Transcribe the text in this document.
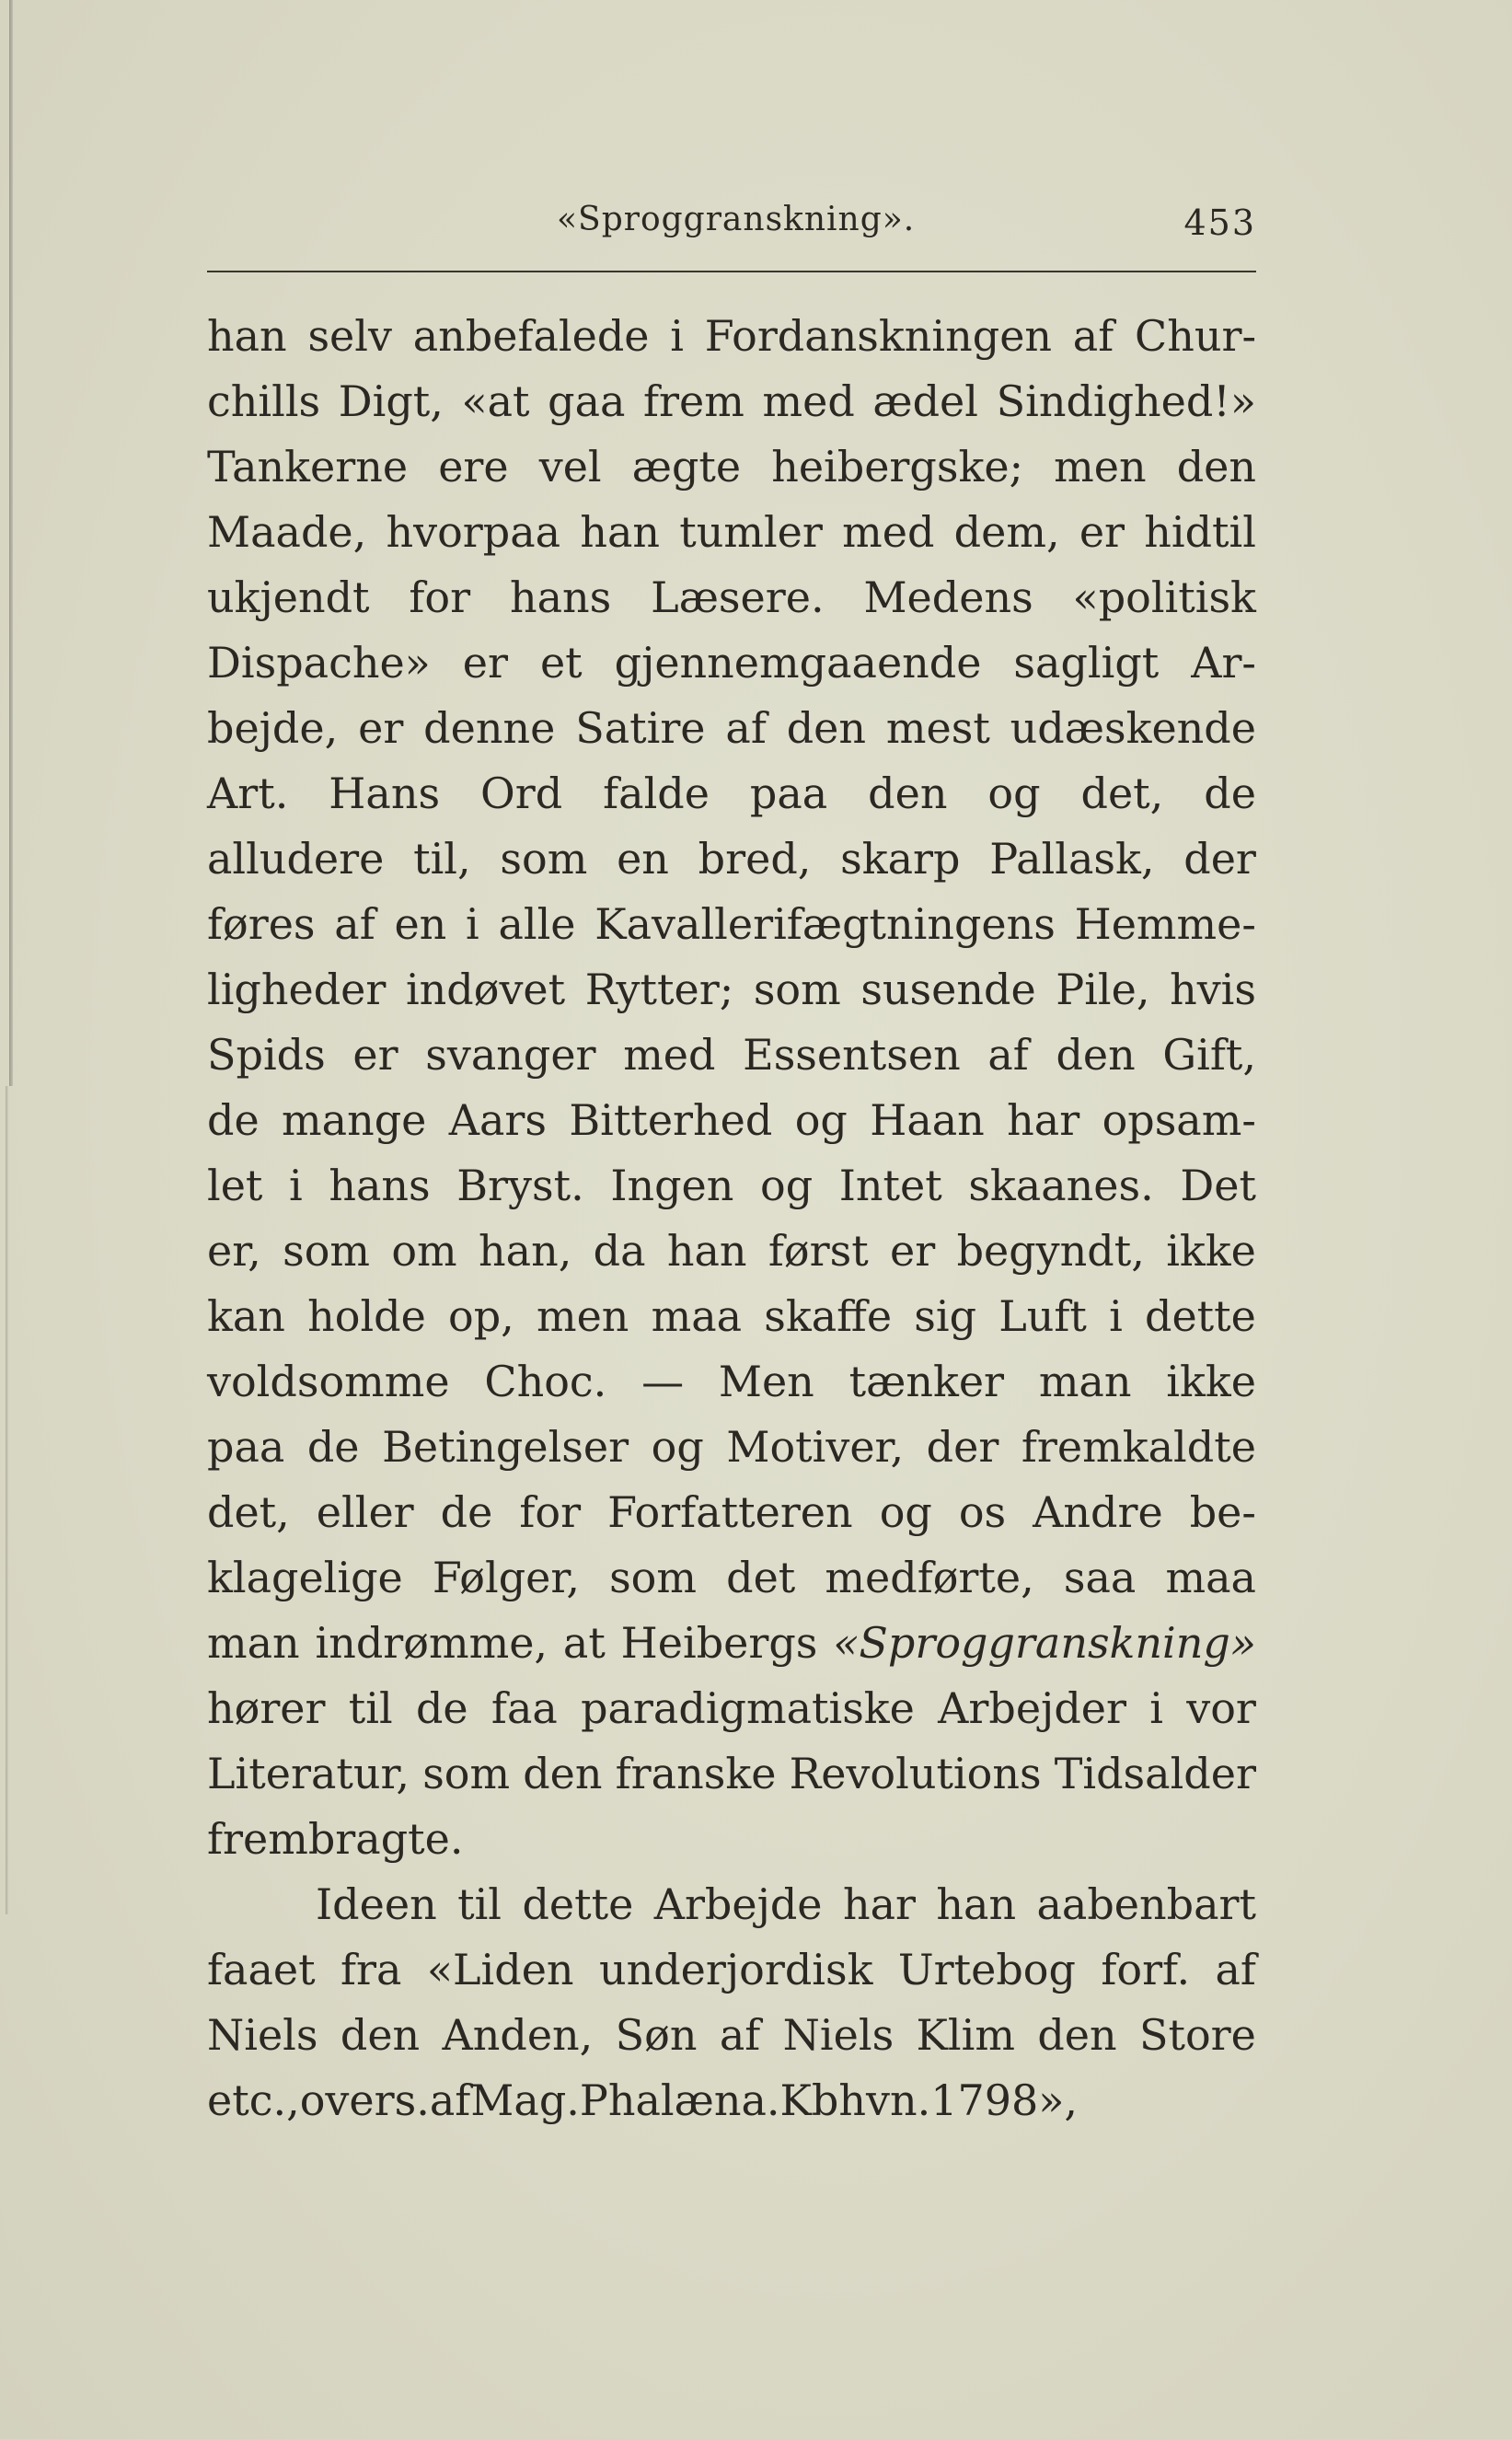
«Sproggranskning».	453
han selv anbefalede i Fordanskningen af Chur-
chills Digt, «at gaa frem med ædel Sindighed!»
Tankerne ere vel ægte heibergske; men den
Maade, hvorpaa han tumler med dem, er hidtil
ukjendt for hans Læsere. Medens «politisk
Dispache» er et gjennemgaaende sagligt Ar-
bejde, er denne Satire af den mest udæskende
Art. Hans Ord falde paa den og det, de
alludere til, som en bred, skarp Pallask, der
føres af en i alle Kavallerifægtningens Hemme-
ligheder indøvet Rytter; som susende Pile, hvis
Spids er svanger med Essentsen af den Gift,
de mange Aars Bitterhed og Haan har opsam-
let i hans Bryst. Ingen og Intet skaanes. Det
er, som om han, da han først er begyndt, ikke
kan holde op, men maa skaffe sig Luft i dette
voldsomme Choc. — Men tænker man ikke
paa de Betingelser og Motiver, der fremkaldte
det, eller de for Forfatteren og os Andre be-
klagelige Følger, som det medførte, saa maa
man indrømme, at Heibergs «Sproggranskning»
hører til de faa paradigmatiske Arbejder i vor
Literatur, som den franske Revolutions Tidsalder
frembragte.
Ideen til dette Arbejde har han aabenbart
faaet fra «Liden underjordisk Urtebog forf. af
Niels den Anden, Søn af Niels Klim den Store
etc., overs. af Mag. Phalæna. Kbhvn. 1798»,
